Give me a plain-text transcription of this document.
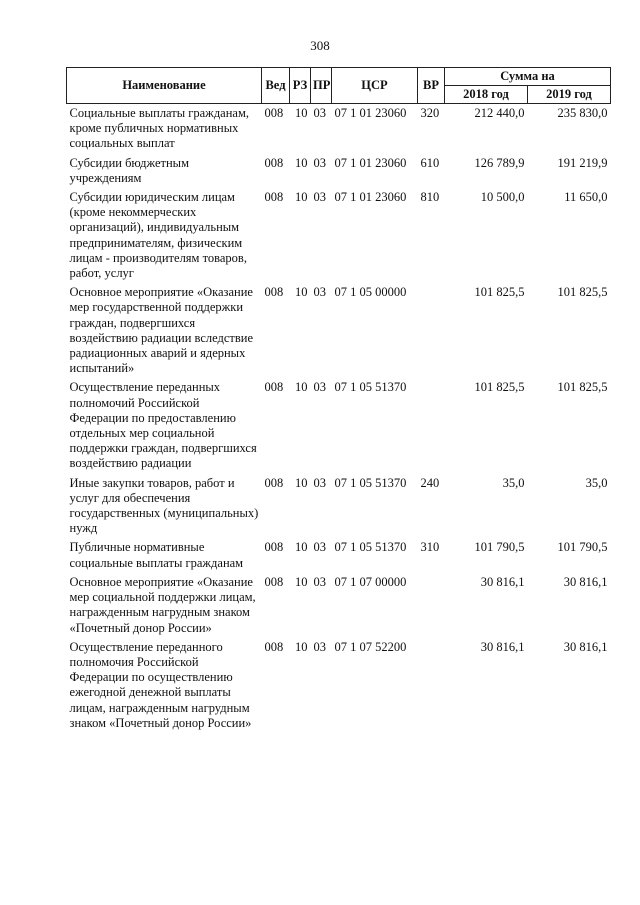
308
Наименование	Вед	РЗ	ПР	ЦСР	ВР	Сумма на	
						2018 год	2019 год
Социальные выплаты гражданам, кроме публичных нормативных социальных выплат	008	10	03	07 1 01 23060	320	212 440,0	235 830,0
Субсидии бюджетным учреждениям	008	10	03	07 1 01 23060	610	126 789,9	191 219,9
Субсидии юридическим лицам (кроме некоммерческих организаций), индивидуальным предпринимателям, физическим лицам - производителям товаров, работ, услуг	008	10	03	07 1 01 23060	810	10 500,0	11 650,0
Основное мероприятие «Оказание мер государственной поддержки граждан, подвергшихся воздействию радиации вследствие радиационных аварий и ядерных испытаний»	008	10	03	07 1 05 00000		101 825,5	101 825,5
Осуществление переданных полномочий Российской Федерации по предоставлению отдельных мер социальной поддержки граждан, подвергшихся воздействию радиации	008	10	03	07 1 05 51370		101 825,5	101 825,5
Иные закупки товаров, работ и услуг для обеспечения государственных (муниципальных) нужд	008	10	03	07 1 05 51370	240	35,0	35,0
Публичные нормативные социальные выплаты гражданам	008	10	03	07 1 05 51370	310	101 790,5	101 790,5
Основное мероприятие «Оказание мер социальной поддержки лицам, награжденным нагрудным знаком «Почетный донор России»	008	10	03	07 1 07 00000		30 816,1	30 816,1
Осуществление переданного полномочия Российской Федерации по осуществлению ежегодной денежной выплаты лицам, награжденным нагрудным знаком «Почетный донор России»	008	10	03	07 1 07 52200		30 816,1	30 816,1
